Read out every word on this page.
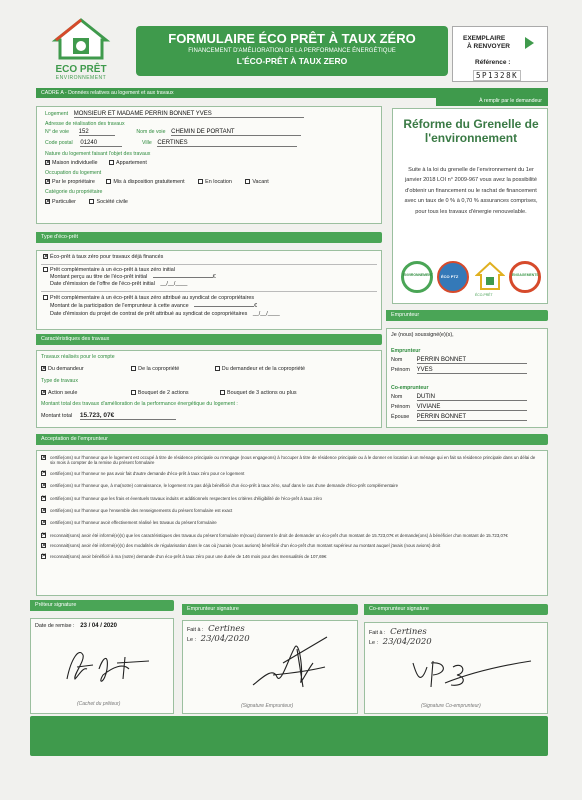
ECO PRÊT
ENVIRONNEMENT
FORMULAIRE ÉCO PRÊT À TAUX ZÉRO
FINANCEMENT D'AMÉLIORATION DE LA PERFORMANCE ÉNERGÉTIQUE
L'ÉCO-PRÊT À TAUX ZERO
EXEMPLAIRE
À RENVOYER
Référence :
5P1328K
CADRE A - Données relatives au logement et aux travaux
À remplir par le demandeur
Logement MONSIEUR ET MADAME PERRIN BONNET YVES
Adresse de réalisation des travaux
N° de voie 152	Nom de voie CHEMIN DE PORTANT
Code postal 01240	Ville CERTINES
Nature du logement faisant l'objet des travaux
✕Maison individuelle	Appartement
Occupation du logement
✕Par le propriétaire	Mis à disposition gratuitement	En location	Vacant
Catégorie du propriétaire
✕Particulier	Société civile
Type d'éco-prêt
✕Éco-prêt à taux zéro pour travaux déjà financés
Prêt complémentaire à un éco-prêt à taux zéro initial
Montant perçu au titre de l'éco-prêt initial	€
Date d'émission de l'offre de l'éco-prêt initial __/__/____
Prêt complémentaire à un éco-prêt à taux zéro attribué au syndicat de copropriétaires
Montant de la participation de l'emprunteur à cette avance	€
Date d'émission du projet de contrat de prêt attribué au syndicat de copropriétaires __/__/____
Caractéristiques des travaux
Travaux réalisés pour le compte
✕Du demandeur	De la copropriété	Du demandeur et de la copropriété
Type de travaux
✕Action seule	Bouquet de 2 actions	Bouquet de 3 actions ou plus
Montant total des travaux d'amélioration de la performance énergétique du logement :
Montant total 15.723, 07€
Réforme du Grenelle de l'environnement
Suite à la loi du grenelle de l'environnement du 1er janvier 2018 LOI n° 2009-967 vous avez la possibilité d'obtenir un financement ou le rachat de financement avec un taux de 0 % à 0,70 % assurances comprises, pour tous les travaux d'énergie renouvelable.
ENVIRONNEMENT ÉCO PTZ
ÉCO-PRÊT
ENGAGEMENTS
Emprunteur
Je (nous) soussigné(e)(s),
Emprunteur
Nom PERRIN BONNET
Prénom YVES
Co-emprunteur
Nom DUTIN
Prénom VIVIANE
Épouse PERRIN BONNET
Acceptation de l'emprunteur
✕
certifie(ons) sur l'honneur que le logement est occupé à titre de résidence principale ou m'engage (nous engageons) à l'occuper à titre de résidence principale ou à le donner en location à un ménage qui en fait sa résidence principale dans un délai de six mois à compter de la remise du présent formulaire
✕
certifie(ons) sur l'honneur ne pas avoir fait d'autre demande d'éco-prêt à taux zéro pour ce logement
✕
certifie(ons) sur l'honneur que, à ma(notre) connaissance, le logement n'a pas déjà bénéficié d'un éco-prêt à taux zéro, sauf dans le cas d'une demande d'éco-prêt complémentaire
✕
certifie(ons) sur l'honneur que les frais et éventuels travaux induits et additionnels respectent les critères d'éligibilité de l'éco-prêt à taux zéro
✕
certifie(ons) sur l'honneur que l'ensemble des renseignements du présent formulaire est exact
✕
certifie(ons) sur l'honneur avoir effectivement réalisé les travaux du présent formulaire
✕
reconnait(sons) avoir été informé(e)(s) que les caractéristiques des travaux du présent formulaire m(nous) donnent le droit de demander un éco-prêt d'un montant de 15.723,07€ et demande(ons) à bénéficier d'un montant de 15.723,07€
✕
reconnait(sons) avoir été informé(e)(s) des modalités de régularisation dans le cas où j'aurais (nous aurions) bénéficié d'un éco-prêt d'un montant supérieur au montant auquel j'avais (nous avions) droit
✕
reconnait(sons) avoir bénéficié à ma (notre) demande d'un éco-prêt à taux zéro pour une durée de 146 mois pour des mensualités de 107,69€
Prêteur signature
Date de remise : 23 / 04 / 2020
(Cachet du prêteur)
Emprunteur signature
Fait à : Certines
Le : 23/04/2020
(Signature Emprunteur)
Co-emprunteur signature
Fait à : Certines
Le : 23/04/2020
(Signature Co-emprunteur)
